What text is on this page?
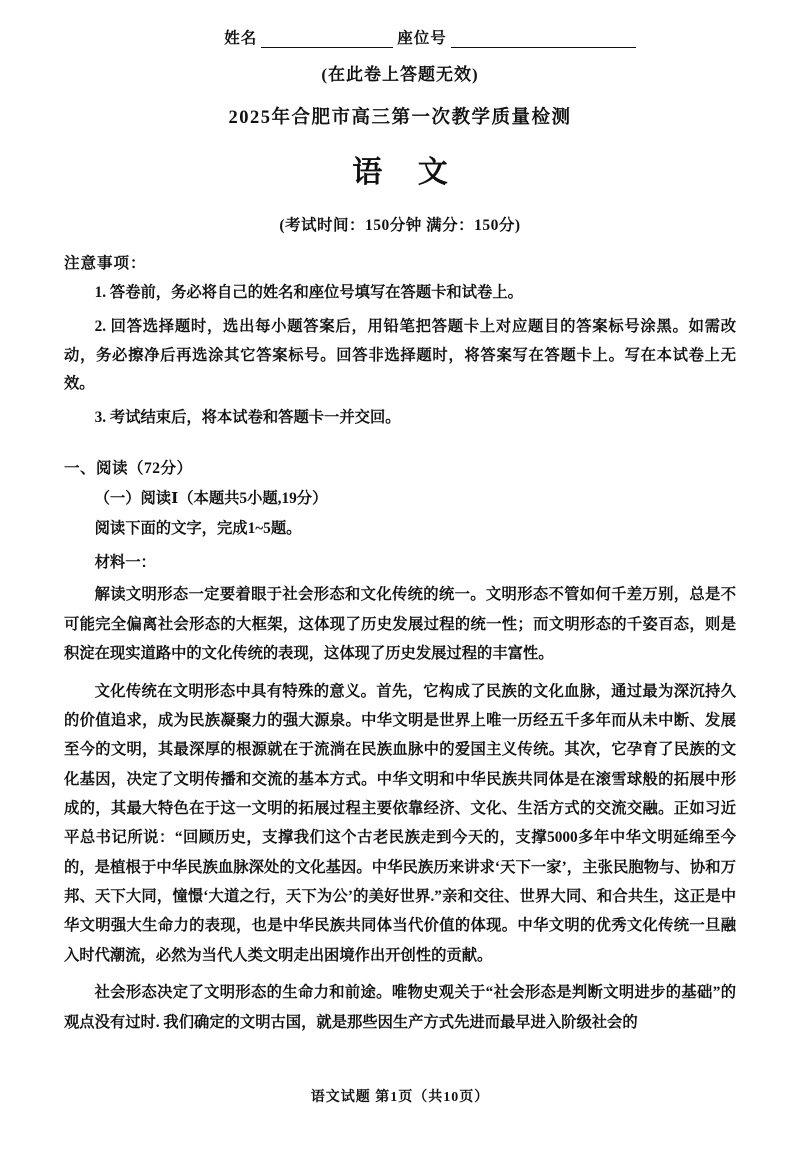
姓名	座位号
(在此卷上答题无效)
2025年合肥市高三第一次教学质量检测
语 文
(考试时间：150分钟 满分：150分)
注意事项：

1. 答卷前，务必将自己的姓名和座位号填写在答题卡和试卷上。

2. 回答选择题时，选出每小题答案后，用铅笔把答题卡上对应题目的答案标号涂黑。如需改动，务必擦净后再选涂其它答案标号。回答非选择题时，将答案写在答题卡上。写在本试卷上无效。

3. 考试结束后，将本试卷和答题卡一并交回。

一、阅读（72分）
（一）阅读Ⅰ（本题共5小题,19分）
阅读下面的文字，完成1~5题。
材料一：

解读文明形态一定要着眼于社会形态和文化传统的统一。文明形态不管如何千差万别，总是不可能完全偏离社会形态的大框架，这体现了历史发展过程的统一性；而文明形态的千姿百态，则是积淀在现实道路中的文化传统的表现，这体现了历史发展过程的丰富性。

文化传统在文明形态中具有特殊的意义。首先，它构成了民族的文化血脉，通过最为深沉持久的价值追求，成为民族凝聚力的强大源泉。中华文明是世界上唯一历经五千多年而从未中断、发展至今的文明，其最深厚的根源就在于流淌在民族血脉中的爱国主义传统。其次，它孕育了民族的文化基因，决定了文明传播和交流的基本方式。中华文明和中华民族共同体是在滚雪球般的拓展中形成的，其最大特色在于这一文明的拓展过程主要依靠经济、文化、生活方式的交流交融。正如习近平总书记所说：“回顾历史，支撑我们这个古老民族走到今天的，支撑5000多年中华文明延绵至今的，是植根于中华民族血脉深处的文化基因。中华民族历来讲求‘天下一家’，主张民胞物与、协和万邦、天下大同，憧憬‘大道之行，天下为公’的美好世界.”亲和交往、世界大同、和合共生，这正是中华文明强大生命力的表现，也是中华民族共同体当代价值的体现。中华文明的优秀文化传统一旦融入时代潮流，必然为当代人类文明走出困境作出开创性的贡献。

社会形态决定了文明形态的生命力和前途。唯物史观关于“社会形态是判断文明进步的基础”的观点没有过时. 我们确定的文明古国，就是那些因生产方式先进而最早进入阶级社会的

语文试题 第1页（共10页）
